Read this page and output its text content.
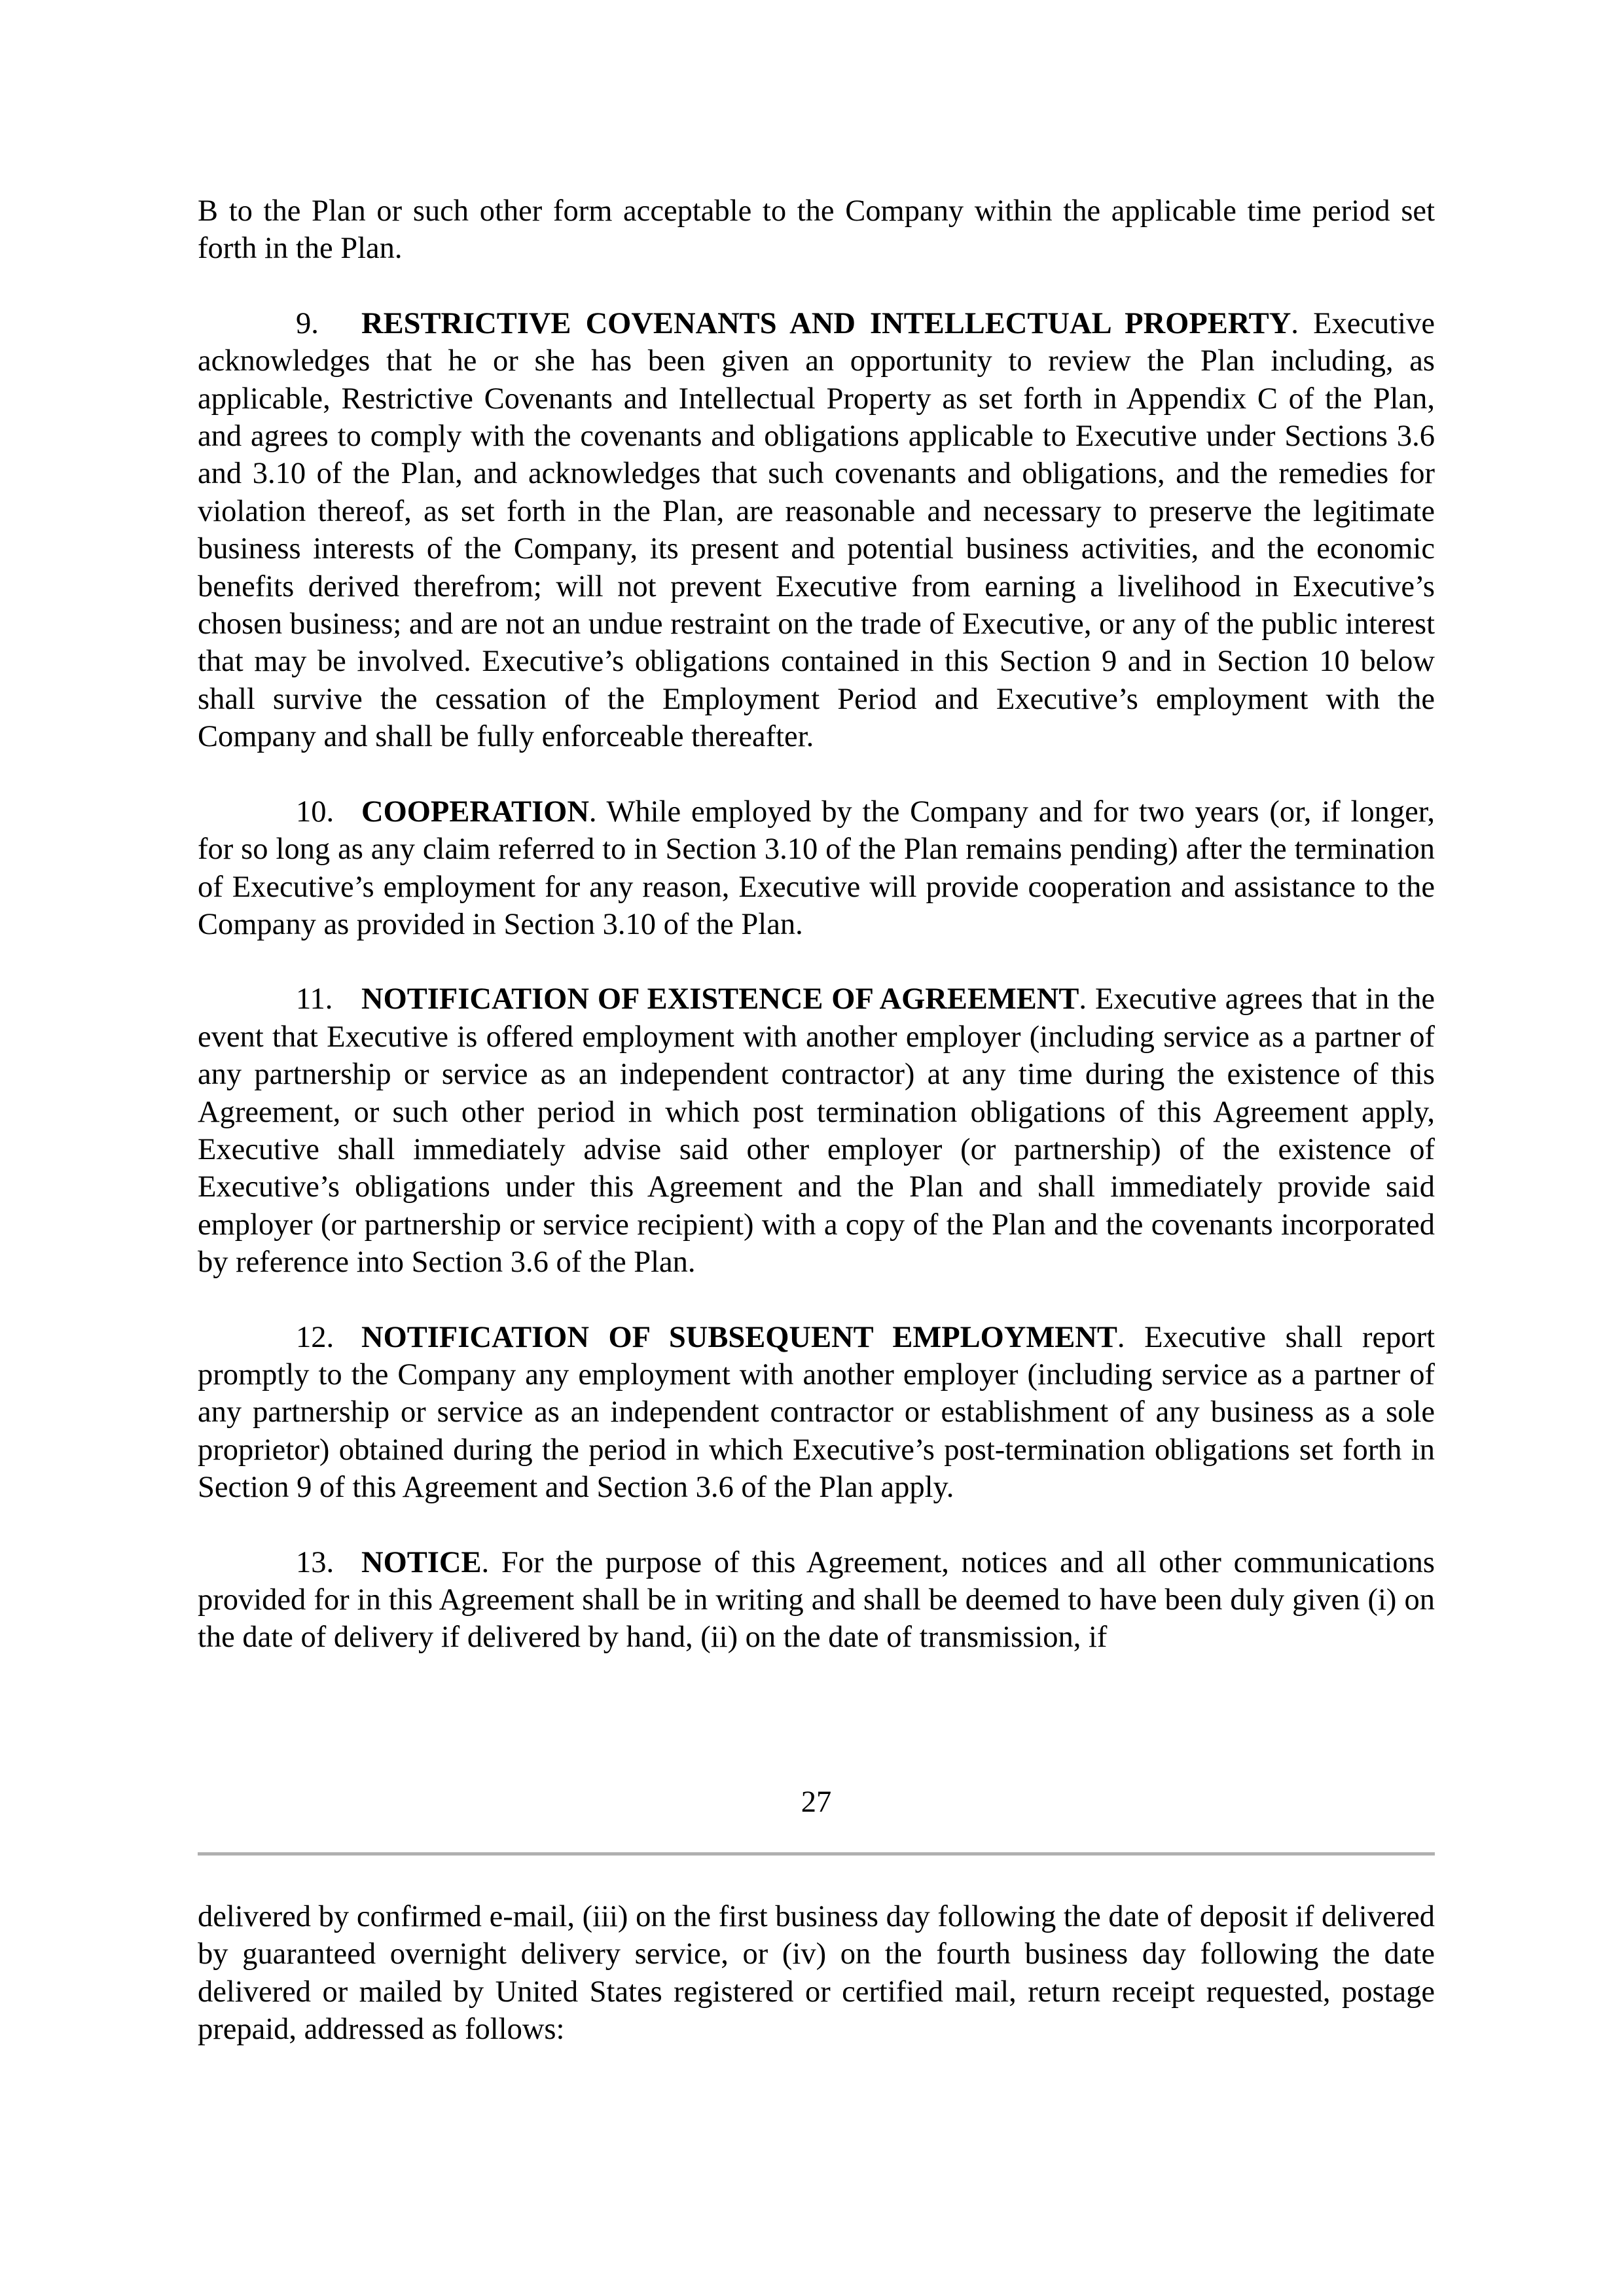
B to the Plan or such other form acceptable to the Company within the applicable time period set forth in the Plan.

9. RESTRICTIVE COVENANTS AND INTELLECTUAL PROPERTY. Executive acknowledges that he or she has been given an opportunity to review the Plan including, as applicable, Restrictive Covenants and Intellectual Property as set forth in Appendix C of the Plan, and agrees to comply with the covenants and obligations applicable to Executive under Sections 3.6 and 3.10 of the Plan, and acknowledges that such covenants and obligations, and the remedies for violation thereof, as set forth in the Plan, are reasonable and necessary to preserve the legitimate business interests of the Company, its present and potential business activities, and the economic benefits derived therefrom; will not prevent Executive from earning a livelihood in Executive’s chosen business; and are not an undue restraint on the trade of Executive, or any of the public interest that may be involved. Executive’s obligations contained in this Section 9 and in Section 10 below shall survive the cessation of the Employment Period and Executive’s employment with the Company and shall be fully enforceable thereafter.

10. COOPERATION. While employed by the Company and for two years (or, if longer, for so long as any claim referred to in Section 3.10 of the Plan remains pending) after the termination of Executive’s employment for any reason, Executive will provide cooperation and assistance to the Company as provided in Section 3.10 of the Plan.

11. NOTIFICATION OF EXISTENCE OF AGREEMENT. Executive agrees that in the event that Executive is offered employment with another employer (including service as a partner of any partnership or service as an independent contractor) at any time during the existence of this Agreement, or such other period in which post termination obligations of this Agreement apply, Executive shall immediately advise said other employer (or partnership) of the existence of Executive’s obligations under this Agreement and the Plan and shall immediately provide said employer (or partnership or service recipient) with a copy of the Plan and the covenants incorporated by reference into Section 3.6 of the Plan.

12. NOTIFICATION OF SUBSEQUENT EMPLOYMENT. Executive shall report promptly to the Company any employment with another employer (including service as a partner of any partnership or service as an independent contractor or establishment of any business as a sole proprietor) obtained during the period in which Executive’s post-termination obligations set forth in Section 9 of this Agreement and Section 3.6 of the Plan apply.

13. NOTICE. For the purpose of this Agreement, notices and all other communications provided for in this Agreement shall be in writing and shall be deemed to have been duly given (i) on the date of delivery if delivered by hand, (ii) on the date of transmission, if

27

delivered by confirmed e-mail, (iii) on the first business day following the date of deposit if delivered by guaranteed overnight delivery service, or (iv) on the fourth business day following the date delivered or mailed by United States registered or certified mail, return receipt requested, postage prepaid, addressed as follows:
